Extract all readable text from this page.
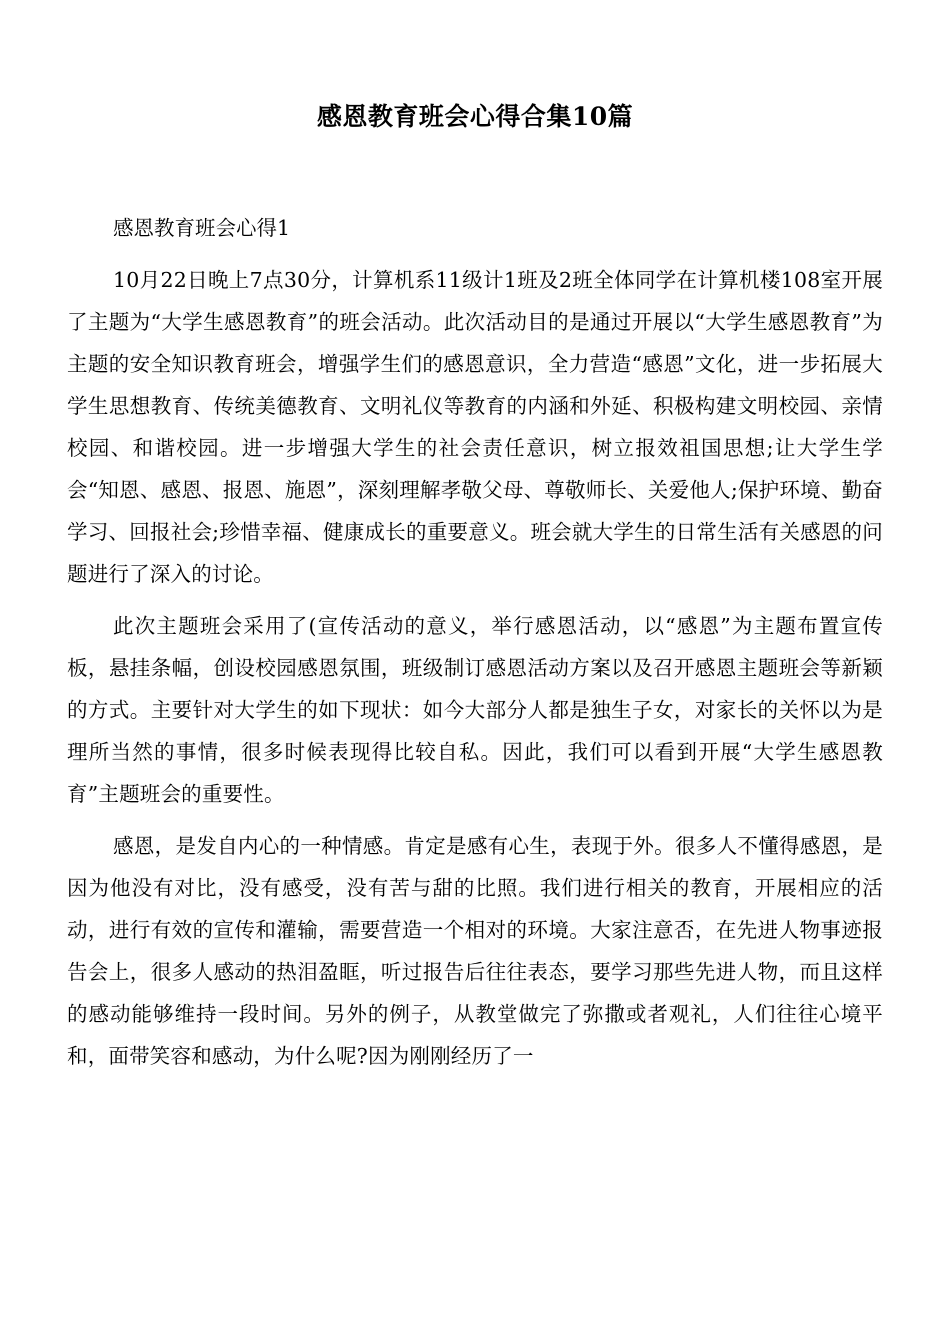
感恩教育班会心得合集10篇

感恩教育班会心得1

10月22日晚上7点30分，计算机系11级计1班及2班全体同学在计算机楼108室开展了主题为“大学生感恩教育”的班会活动。此次活动目的是通过开展以“大学生感恩教育”为主题的安全知识教育班会，增强学生们的感恩意识，全力营造“感恩”文化，进一步拓展大学生思想教育、传统美德教育、文明礼仪等教育的内涵和外延、积极构建文明校园、亲情校园、和谐校园。进一步增强大学生的社会责任意识，树立报效祖国思想;让大学生学会“知恩、感恩、报恩、施恩”，深刻理解孝敬父母、尊敬师长、关爱他人;保护环境、勤奋学习、回报社会;珍惜幸福、健康成长的重要意义。班会就大学生的日常生活有关感恩的问题进行了深入的讨论。

此次主题班会采用了(宣传活动的意义，举行感恩活动，以“感恩”为主题布置宣传板，悬挂条幅，创设校园感恩氛围，班级制订感恩活动方案以及召开感恩主题班会等新颖的方式。主要针对大学生的如下现状：如今大部分人都是独生子女，对家长的关怀以为是理所当然的事情，很多时候表现得比较自私。因此，我们可以看到开展“大学生感恩教育”主题班会的重要性。

感恩，是发自内心的一种情感。肯定是感有心生，表现于外。很多人不懂得感恩，是因为他没有对比，没有感受，没有苦与甜的比照。我们进行相关的教育，开展相应的活动，进行有效的宣传和灌输，需要营造一个相对的环境。大家注意否，在先进人物事迹报告会上，很多人感动的热泪盈眶，听过报告后往往表态，要学习那些先进人物，而且这样的感动能够维持一段时间。另外的例子，从教堂做完了弥撒或者观礼，人们往往心境平和，面带笑容和感动，为什么呢?因为刚刚经历了一
